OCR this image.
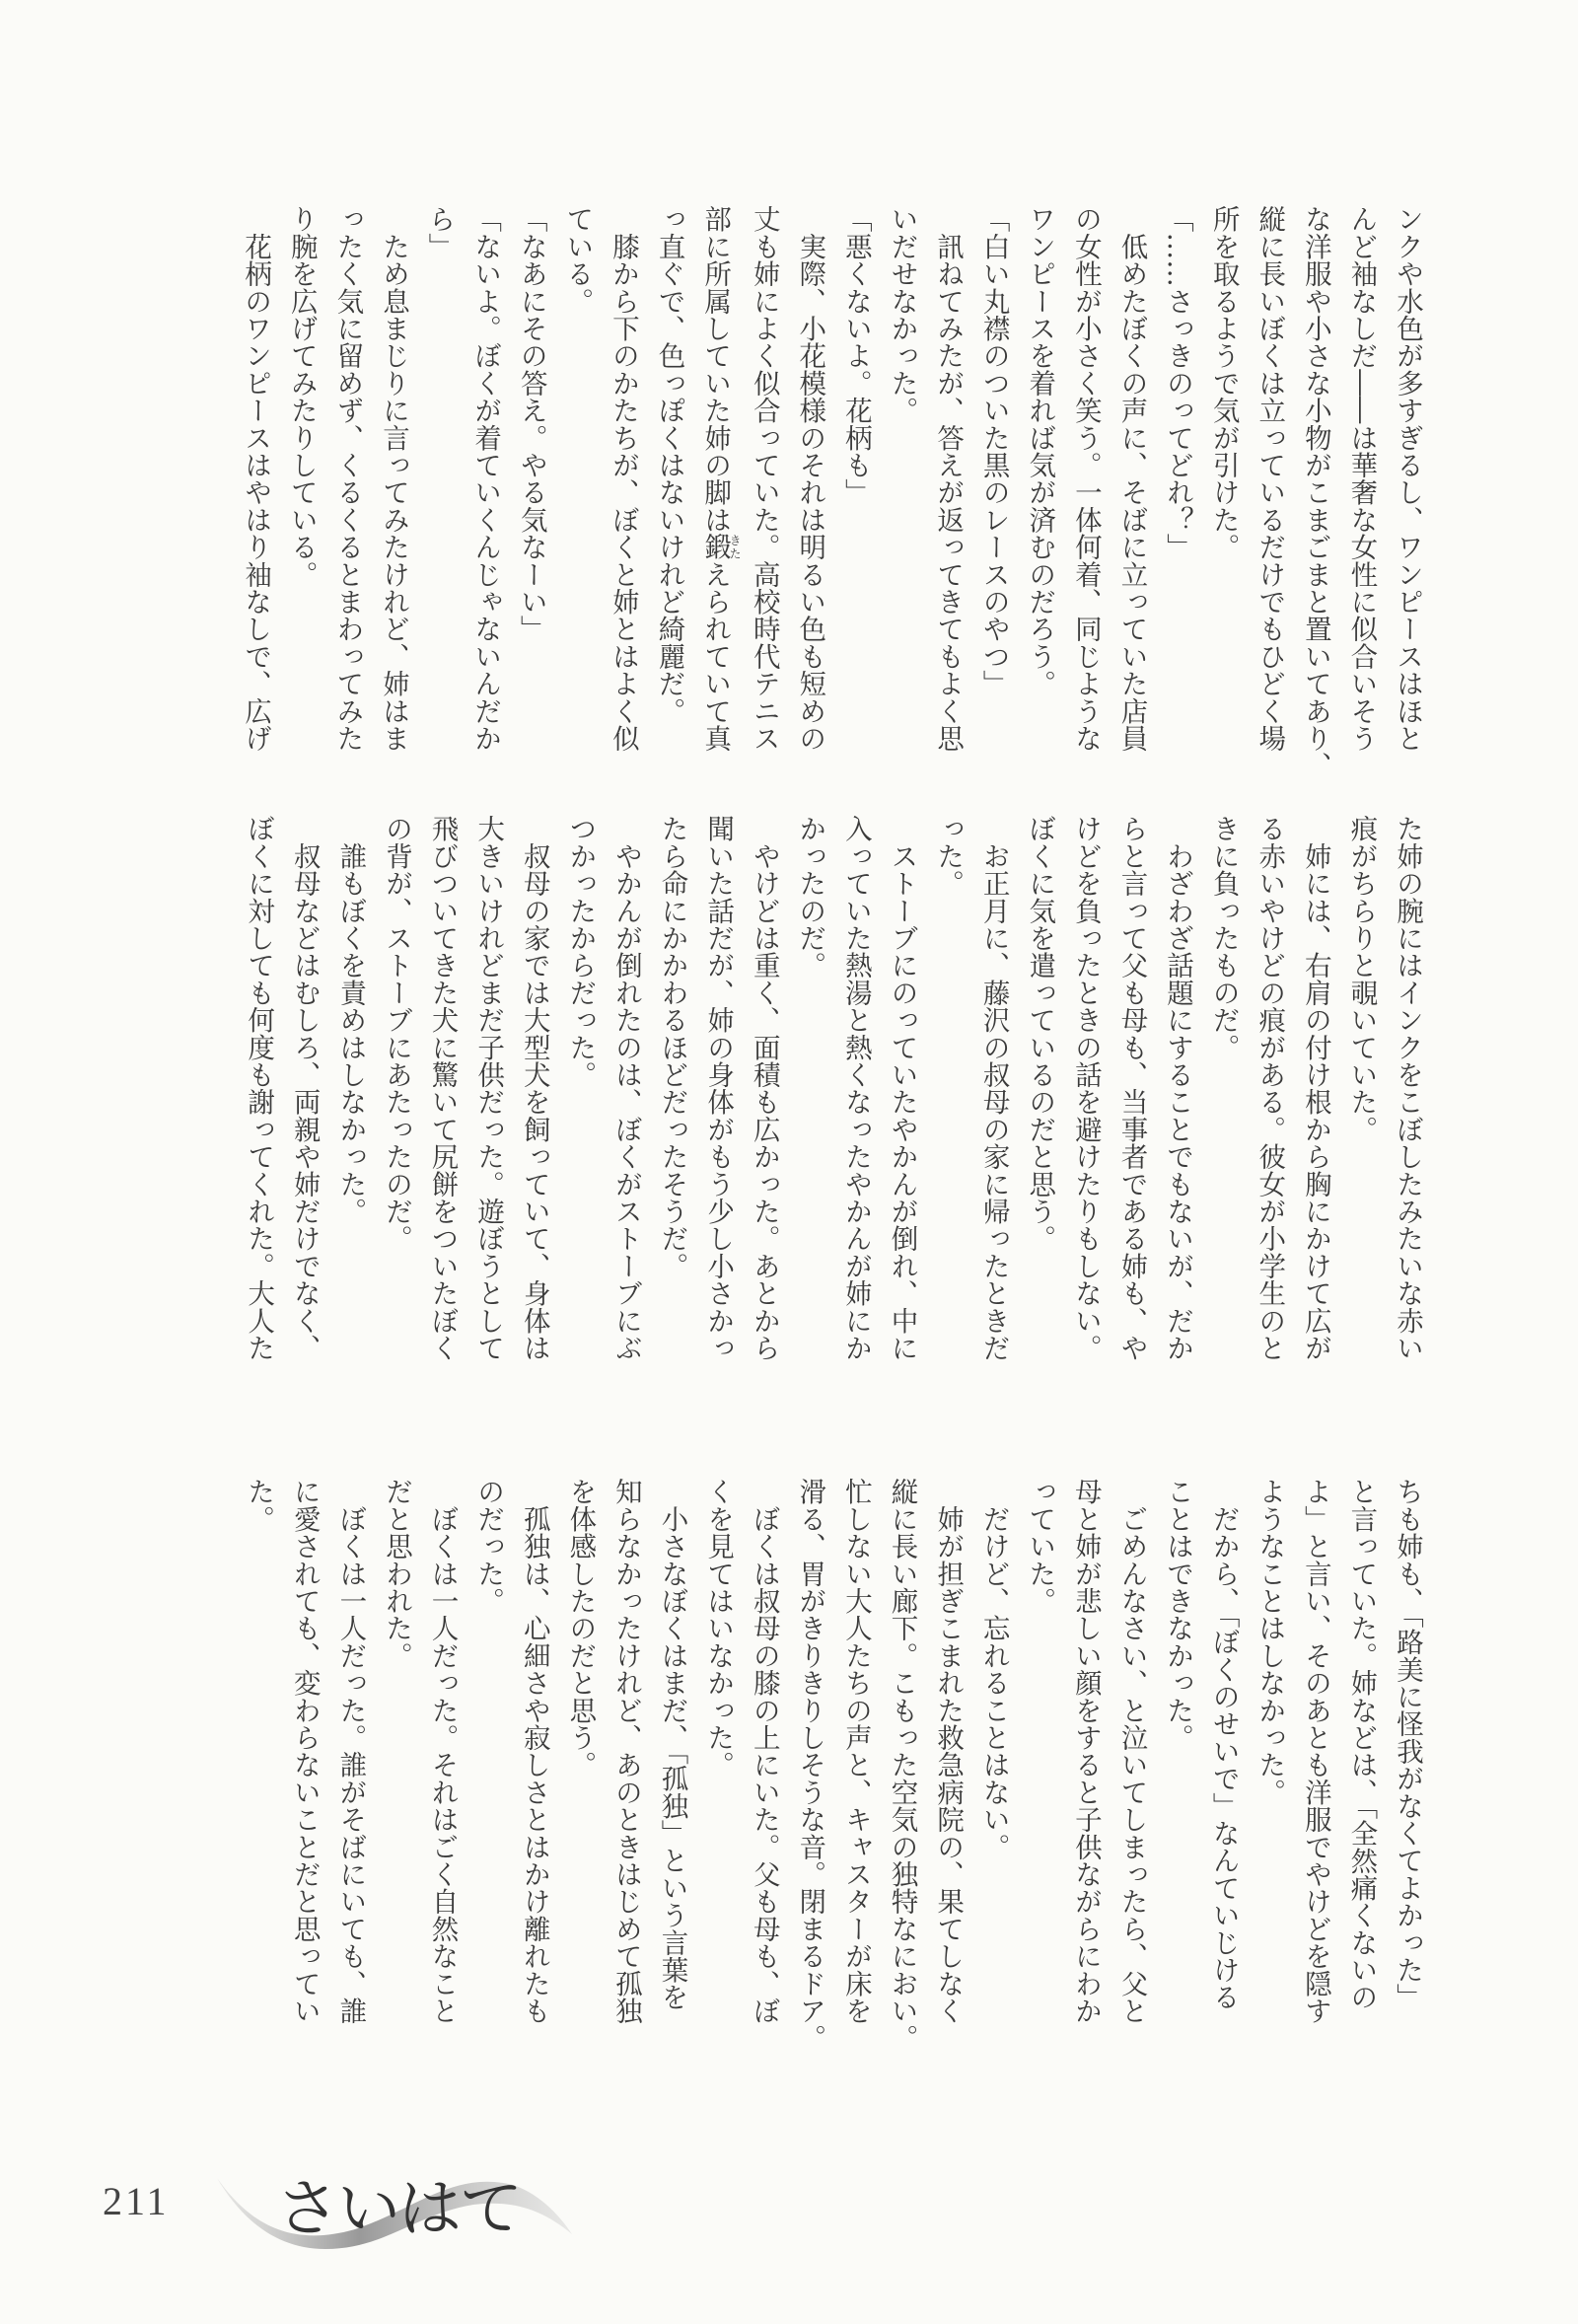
ンクや水色が多すぎるし、ワンピースはほと
んど袖なしだ――は華奢な女性に似合いそう
な洋服や小さな小物がこまごまと置いてあり、
縦に長いぼくは立っているだけでもひどく場
所を取るようで気が引けた。
「……さっきのってどれ？」
　低めたぼくの声に、そばに立っていた店員
の女性が小さく笑う。一体何着、同じような
ワンピースを着れば気が済むのだろう。
「白い丸襟のついた黒のレースのやつ」
　訊ねてみたが、答えが返ってきてもよく思
いだせなかった。
「悪くないよ。花柄も」
　実際、小花模様のそれは明るい色も短めの
丈も姉によく似合っていた。高校時代テニス
部に所属していた姉の脚は鍛きたえられていて真
っ直ぐで、色っぽくはないけれど綺麗だ。
　膝から下のかたちが、ぼくと姉とはよく似
ている。
「なあにその答え。やる気なーい」
「ないよ。ぼくが着ていくんじゃないんだか
ら」
　ため息まじりに言ってみたけれど、姉はま
ったく気に留めず、くるくるとまわってみた
り腕を広げてみたりしている。
　花柄のワンピースはやはり袖なしで、広げ
た姉の腕にはインクをこぼしたみたいな赤い
痕がちらりと覗いていた。
　姉には、右肩の付け根から胸にかけて広が
る赤いやけどの痕がある。彼女が小学生のと
きに負ったものだ。
　わざわざ話題にすることでもないが、だか
らと言って父も母も、当事者である姉も、や
けどを負ったときの話を避けたりもしない。
ぼくに気を遣っているのだと思う。
　お正月に、藤沢の叔母の家に帰ったときだ
った。
　ストーブにのっていたやかんが倒れ、中に
入っていた熱湯と熱くなったやかんが姉にか
かったのだ。
　やけどは重く、面積も広かった。あとから
聞いた話だが、姉の身体がもう少し小さかっ
たら命にかかわるほどだったそうだ。
　やかんが倒れたのは、ぼくがストーブにぶ
つかったからだった。
　叔母の家では大型犬を飼っていて、身体は
大きいけれどまだ子供だった。遊ぼうとして
飛びついてきた犬に驚いて尻餅をついたぼく
の背が、ストーブにあたったのだ。
　誰もぼくを責めはしなかった。
　叔母などはむしろ、両親や姉だけでなく、
ぼくに対しても何度も謝ってくれた。大人た
ちも姉も、「路美に怪我がなくてよかった」
と言っていた。姉などは、「全然痛くないの
よ」と言い、そのあとも洋服でやけどを隠す
ようなことはしなかった。
　だから、「ぼくのせいで」なんていじける
ことはできなかった。
　ごめんなさい、と泣いてしまったら、父と
母と姉が悲しい顔をすると子供ながらにわか
っていた。
　だけど、忘れることはない。
　姉が担ぎこまれた救急病院の、果てしなく
縦に長い廊下。こもった空気の独特なにおい。
忙しない大人たちの声と、キャスターが床を
滑る、胃がきりきりしそうな音。閉まるドア。
　ぼくは叔母の膝の上にいた。父も母も、ぼ
くを見てはいなかった。
　小さなぼくはまだ、「孤独」という言葉を
知らなかったけれど、あのときはじめて孤独
を体感したのだと思う。
　孤独は、心細さや寂しさとはかけ離れたも
のだった。
　ぼくは一人だった。それはごく自然なこと
だと思われた。
　ぼくは一人だった。誰がそばにいても、誰
に愛されても、変わらないことだと思ってい
た。
211 さいはて
